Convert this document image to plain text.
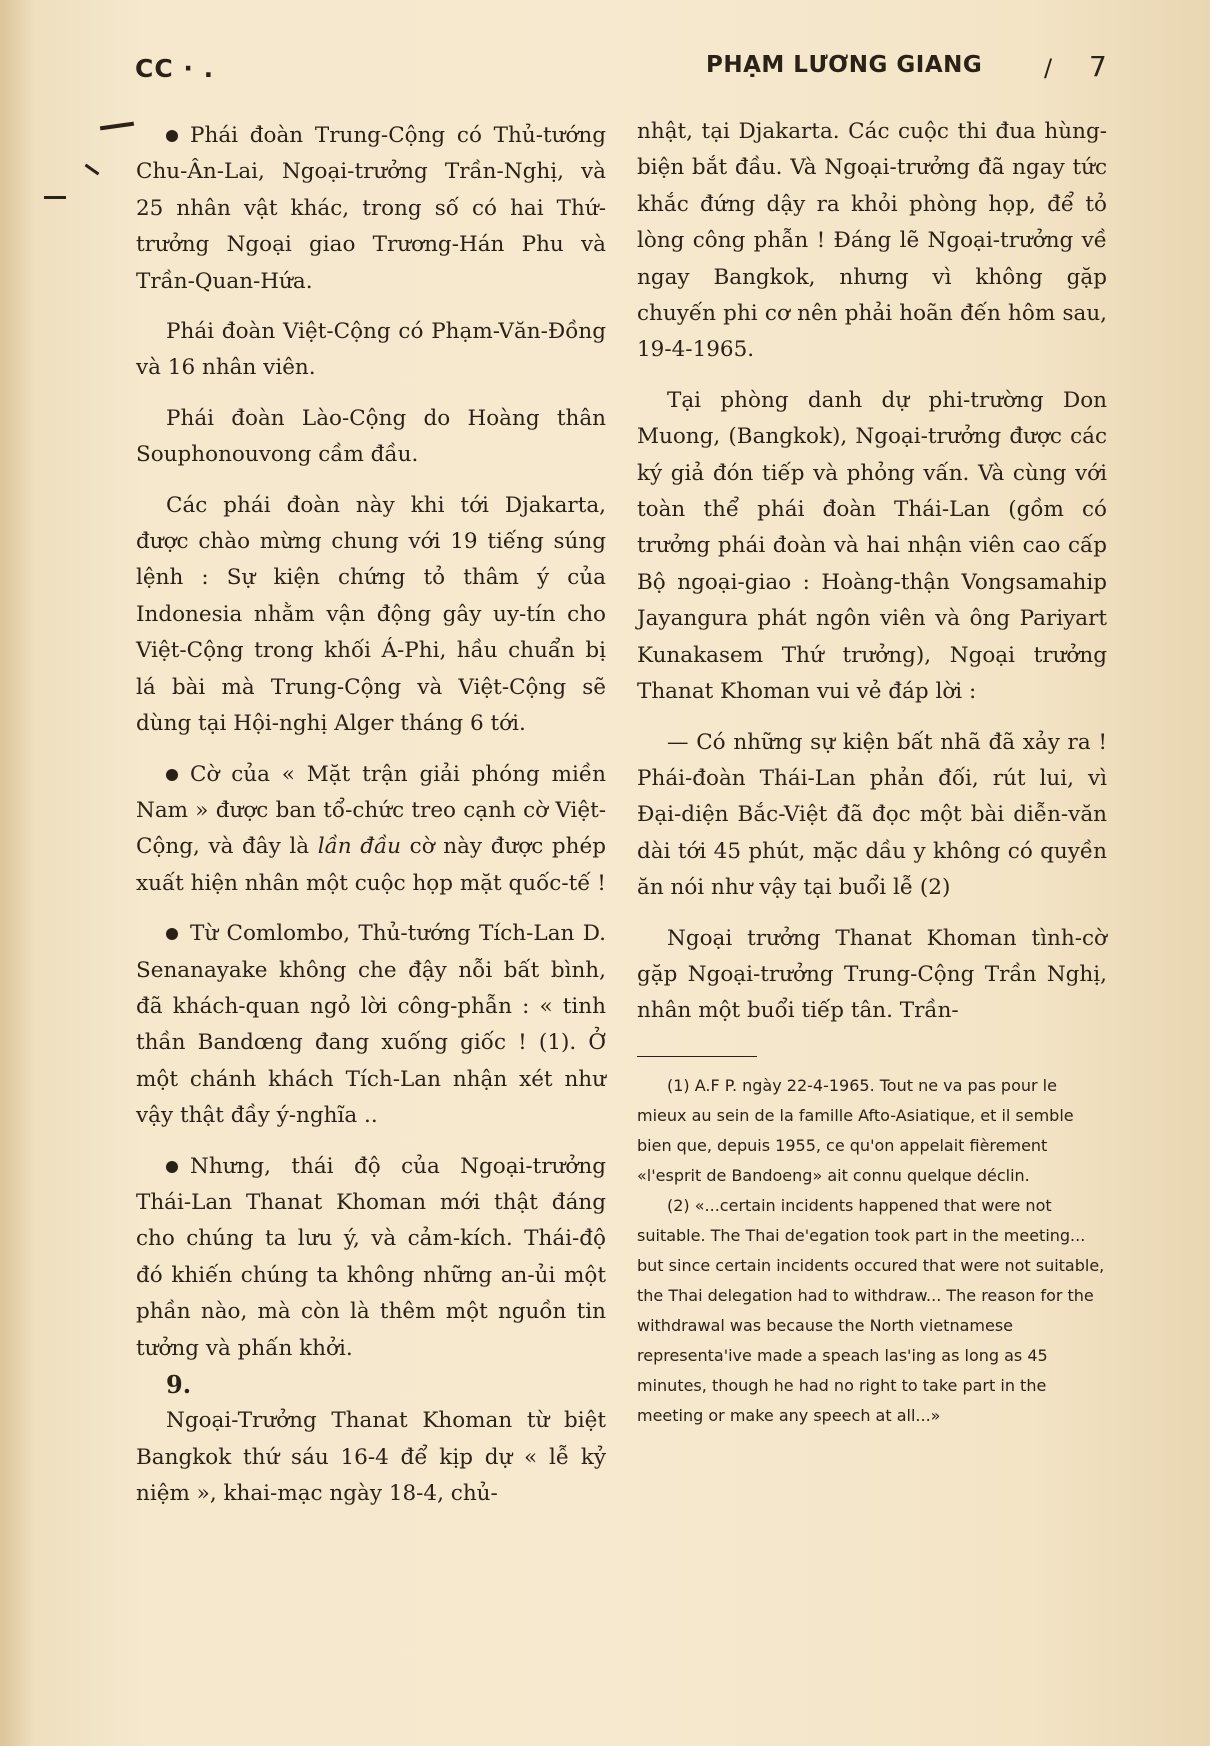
CC · .	PHẠM LƯƠNG GIANG	/ 7

Phái đoàn Trung-Cộng có Thủ-tướng Chu-Ân-Lai, Ngoại-trưởng Trần-Nghị, và 25 nhân vật khác, trong số có hai Thứ-trưởng Ngoại giao Trương-Hán Phu và Trần-Quan-Hứa.

Phái đoàn Việt-Cộng có Phạm-Văn-Đồng và 16 nhân viên.

Phái đoàn Lào-Cộng do Hoàng thân Souphonouvong cầm đầu.

Các phái đoàn này khi tới Djakarta, được chào mừng chung với 19 tiếng súng lệnh : Sự kiện chứng tỏ thâm ý của Indonesia nhằm vận động gây uy-tín cho Việt-Cộng trong khối Á-Phi, hầu chuẩn bị lá bài mà Trung-Cộng và Việt-Cộng sẽ dùng tại Hội-nghị Alger tháng 6 tới.

Cờ của « Mặt trận giải phóng miền Nam » được ban tổ-chức treo cạnh cờ Việt-Cộng, và đây là lần đầu cờ này được phép xuất hiện nhân một cuộc họp mặt quốc-tế !

Từ Comlombo, Thủ-tướng Tích-Lan D. Senanayake không che đậy nỗi bất bình, đã khách-quan ngỏ lời công-phẫn : « tinh thần Bandœng đang xuống giốc ! (1). Ở một chánh khách Tích-Lan nhận xét như vậy thật đầy ý-nghĩa ..

Nhưng, thái độ của Ngoại-trưởng Thái-Lan Thanat Khoman mới thật đáng cho chúng ta lưu ý, và cảm-kích. Thái-độ đó khiến chúng ta không những an-ủi một phần nào, mà còn là thêm một nguồn tin tưởng và phấn khởi.

9.

Ngoại-Trưởng Thanat Khoman từ biệt Bangkok thứ sáu 16-4 để kịp dự « lễ kỷ niệm », khai-mạc ngày 18-4, chủ-

nhật, tại Djakarta. Các cuộc thi đua hùng-biện bắt đầu. Và Ngoại-trưởng đã ngay tức khắc đứng dậy ra khỏi phòng họp, để tỏ lòng công phẫn ! Đáng lẽ Ngoại-trưởng về ngay Bangkok, nhưng vì không gặp chuyến phi cơ nên phải hoãn đến hôm sau, 19-4-1965.

Tại phòng danh dự phi-trường Don Muong, (Bangkok), Ngoại-trưởng được các ký giả đón tiếp và phỏng vấn. Và cùng với toàn thể phái đoàn Thái-Lan (gồm có trưởng phái đoàn và hai nhận viên cao cấp Bộ ngoại-giao : Hoàng-thận Vongsamahip Jayangura phát ngôn viên và ông Pariyart Kunakasem Thứ trưởng), Ngoại trưởng Thanat Khoman vui vẻ đáp lời :

— Có những sự kiện bất nhã đã xảy ra ! Phái-đoàn Thái-Lan phản đối, rút lui, vì Đại-diện Bắc-Việt đã đọc một bài diễn-văn dài tới 45 phút, mặc dầu y không có quyền ăn nói như vậy tại buổi lễ (2)

Ngoại trưởng Thanat Khoman tình-cờ gặp Ngoại-trưởng Trung-Cộng Trần Nghị, nhân một buổi tiếp tân. Trần-

(1) A.F P. ngày 22-4-1965. Tout ne va pas pour le mieux au sein de la famille Afto-Asiatique, et il semble bien que, depuis 1955, ce qu'on appelait fièrement «l'esprit de Bandoeng» ait connu quelque déclin.

(2) «...certain incidents happened that were not suitable. The Thai de'egation took part in the meeting... but since certain incidents occured that were not suitable, the Thai delegation had to withdraw... The reason for the withdrawal was because the North vietnamese representa'ive made a speach las'ing as long as 45 minutes, though he had no right to take part in the meeting or make any speech at all...»
